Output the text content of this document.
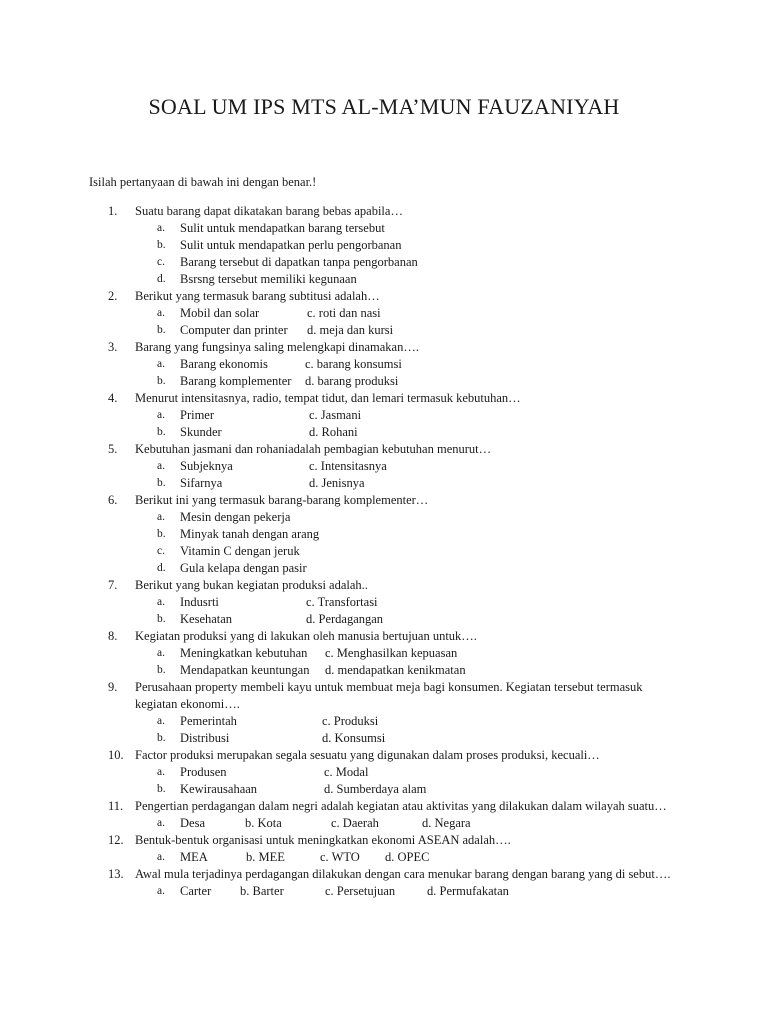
SOAL UM IPS MTS AL-MA’MUN FAUZANIYAH

Isilah pertanyaan di bawah ini dengan benar.!

1.	Suatu barang dapat dikatakan barang bebas apabila…
a. Sulit untuk mendapatkan barang tersebut
b. Sulit untuk mendapatkan perlu pengorbanan
c. Barang tersebut di dapatkan tanpa pengorbanan
d. Bsrsng tersebut memiliki kegunaan
2.	Berikut yang termasuk barang subtitusi adalah…
a. Mobil dan solar	c. roti dan nasi
b. Computer dan printer d. meja dan kursi
3.	Barang yang fungsinya saling melengkapi dinamakan….
a. Barang ekonomis	c. barang konsumsi
b. Barang komplementer d. barang produksi
4.	Menurut intensitasnya, radio, tempat tidut, dan lemari termasuk kebutuhan…
a. Primer	c. Jasmani
b. Skunder	d. Rohani
5.	Kebutuhan jasmani dan rohaniadalah pembagian kebutuhan menurut…
a. Subjeknya	c. Intensitasnya
b. Sifarnya	d. Jenisnya
6.	Berikut ini yang termasuk barang-barang komplementer…
a. Mesin dengan pekerja
b. Minyak tanah dengan arang
c. Vitamin C dengan jeruk
d. Gula kelapa dengan pasir
7.	Berikut yang bukan kegiatan produksi adalah..
a. Indusrti	c. Transfortasi
b. Kesehatan	d. Perdagangan
8.	Kegiatan produksi yang di lakukan oleh manusia bertujuan untuk….
a. Meningkatkan kebutuhan c. Menghasilkan kepuasan
b. Mendapatkan keuntungan d. mendapatkan kenikmatan
9.	Perusahaan property membeli kayu untuk membuat meja bagi konsumen. Kegiatan tersebut termasuk kegiatan ekonomi….
a. Pemerintah	c. Produksi
b. Distribusi	d. Konsumsi
10. Factor produksi merupakan segala sesuatu yang digunakan dalam proses produksi, kecuali…
a. Produsen	c. Modal
b. Kewirausahaan	d. Sumberdaya alam
11. Pengertian perdagangan dalam negri adalah kegiatan atau aktivitas yang dilakukan dalam wilayah suatu…
a. Desa	b. Kota	c. Daerah	d. Negara
12. Bentuk-bentuk organisasi untuk meningkatkan ekonomi ASEAN adalah….
a. MEA	b. MEE	c. WTO d. OPEC
13. Awal mula terjadinya perdagangan dilakukan dengan cara menukar barang dengan barang yang di sebut….
a. Carter b. Barter	c. Persetujuan	d. Permufakatan
